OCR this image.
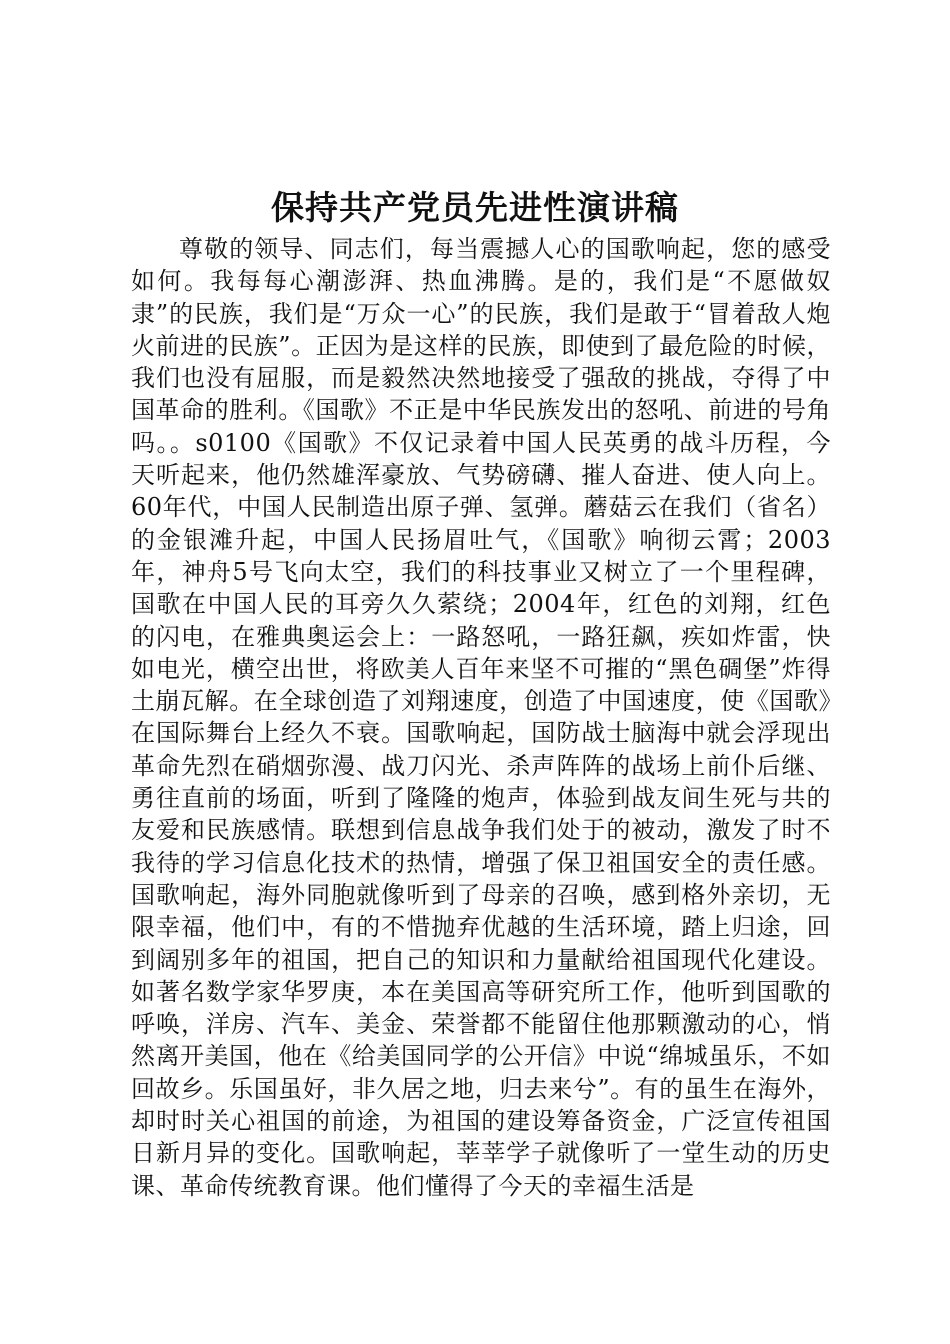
保持共产党员先进性演讲稿

尊敬的领导、同志们，每当震撼人心的国歌响起，您的感受如何。我每每心潮澎湃、热血沸腾。是的，我们是“不愿做奴隶”的民族，我们是“万众一心”的民族，我们是敢于“冒着敌人炮火前进的民族”。正因为是这样的民族，即使到了最危险的时候，我们也没有屈服，而是毅然决然地接受了强敌的挑战，夺得了中国革命的胜利。《国歌》不正是中华民族发出的怒吼、前进的号角吗。。s0100《国歌》不仅记录着中国人民英勇的战斗历程，今天听起来，他仍然雄浑豪放、气势磅礴、摧人奋进、使人向上。60年代，中国人民制造出原子弹、氢弹。蘑菇云在我们（省名）的金银滩升起，中国人民扬眉吐气，《国歌》响彻云霄；2003年，神舟5号飞向太空，我们的科技事业又树立了一个里程碑，国歌在中国人民的耳旁久久萦绕；2004年，红色的刘翔，红色的闪电，在雅典奥运会上：一路怒吼，一路狂飙，疾如炸雷，快如电光，横空出世，将欧美人百年来坚不可摧的“黑色碉堡”炸得土崩瓦解。在全球创造了刘翔速度，创造了中国速度，使《国歌》在国际舞台上经久不衰。国歌响起，国防战士脑海中就会浮现出革命先烈在硝烟弥漫、战刀闪光、杀声阵阵的战场上前仆后继、勇往直前的场面，听到了隆隆的炮声，体验到战友间生死与共的友爱和民族感情。联想到信息战争我们处于的被动，激发了时不我待的学习信息化技术的热情，增强了保卫祖国安全的责任感。国歌响起，海外同胞就像听到了母亲的召唤，感到格外亲切，无限幸福，他们中，有的不惜抛弃优越的生活环境，踏上归途，回到阔别多年的祖国，把自己的知识和力量献给祖国现代化建设。如著名数学家华罗庚，本在美国高等研究所工作，他听到国歌的呼唤，洋房、汽车、美金、荣誉都不能留住他那颗激动的心，悄然离开美国，他在《给美国同学的公开信》中说“绵城虽乐，不如回故乡。乐国虽好，非久居之地，归去来兮”。有的虽生在海外，却时时关心祖国的前途，为祖国的建设筹备资金，广泛宣传祖国日新月异的变化。国歌响起，莘莘学子就像听了一堂生动的历史课、革命传统教育课。他们懂得了今天的幸福生活是
